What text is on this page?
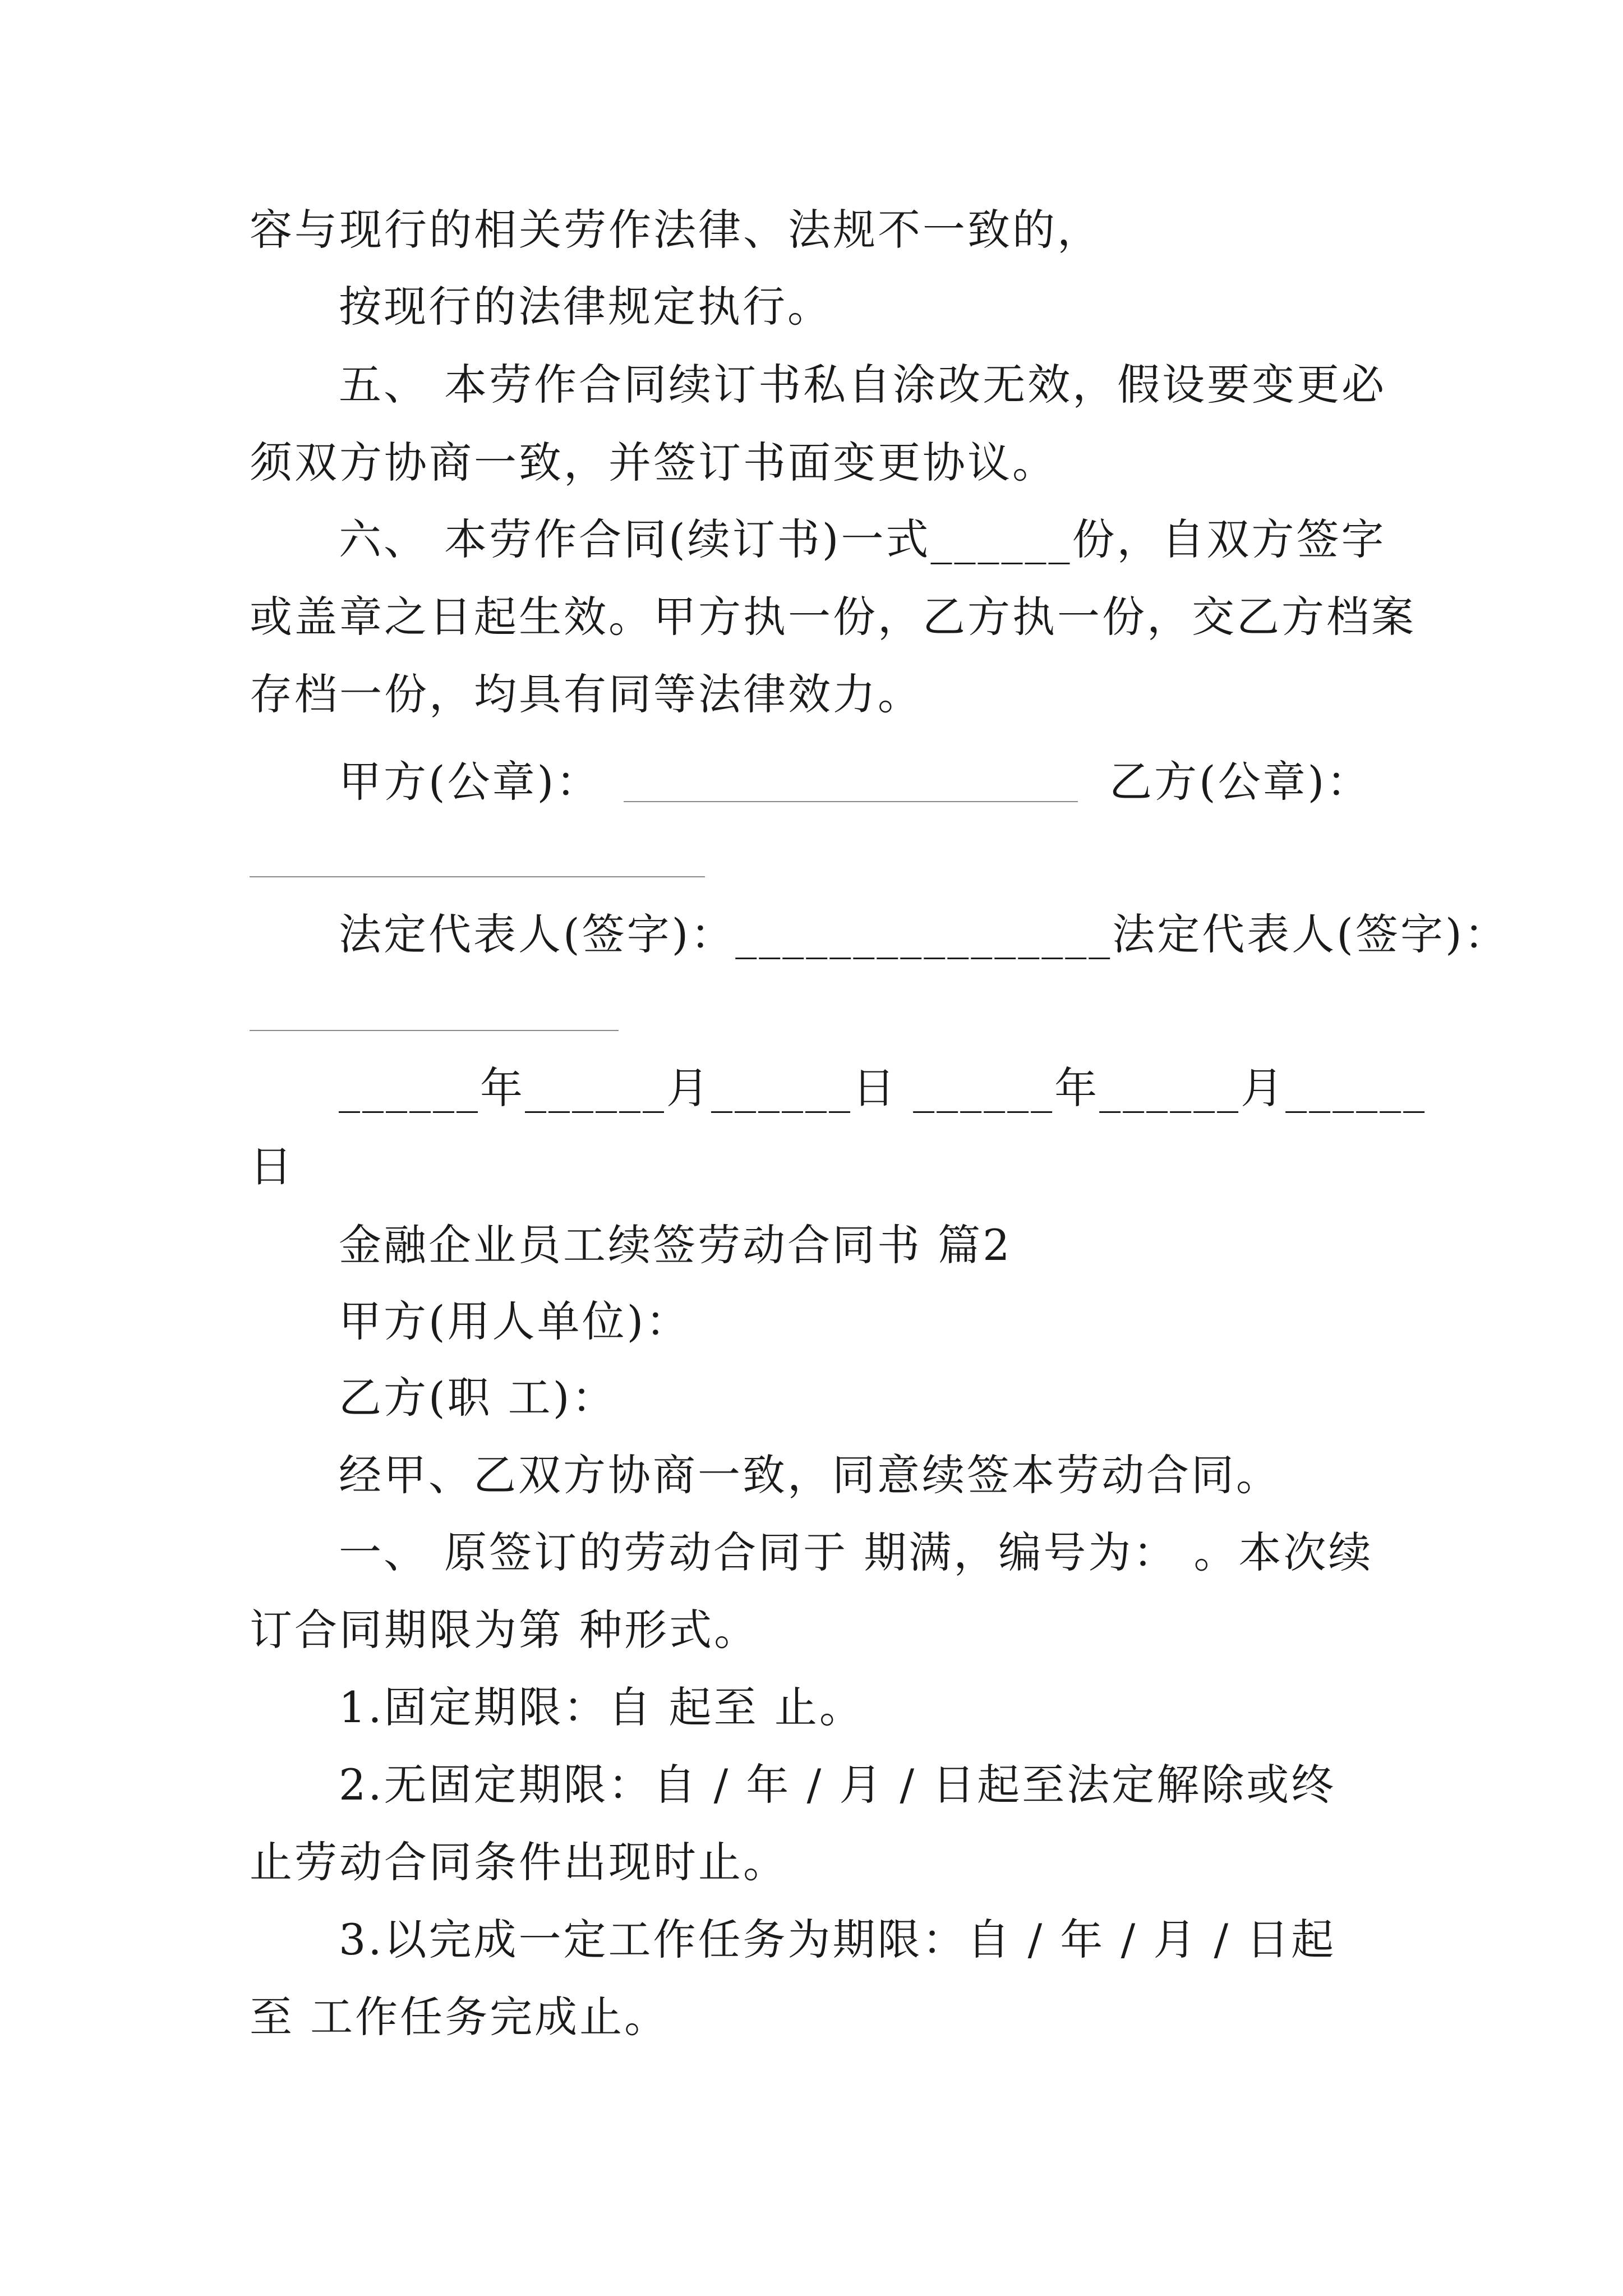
容与现行的相关劳作法律、法规不一致的，
按现行的法律规定执行。
五、 本劳作合同续订书私自涂改无效，假设要变更必
须双方协商一致，并签订书面变更协议。
六、 本劳作合同(续订书)一式______份，自双方签字
或盖章之日起生效。甲方执一份，乙方执一份，交乙方档案
存档一份，均具有同等法律效力。
甲方(公章)：	乙方(公章)：
法定代表人(签字)：________________法定代表人(签字)：
______年______月______日 ______年______月______
日
金融企业员工续签劳动合同书 篇2
甲方(用人单位)：
乙方(职 工)：
经甲、乙双方协商一致，同意续签本劳动合同。
一、 原签订的劳动合同于 期满，编号为： 。本次续
订合同期限为第 种形式。
1.固定期限：自 起至 止。
2.无固定期限：自 / 年 / 月 / 日起至法定解除或终
止劳动合同条件出现时止。
3.以完成一定工作任务为期限：自 / 年 / 月 / 日起
至 工作任务完成止。
